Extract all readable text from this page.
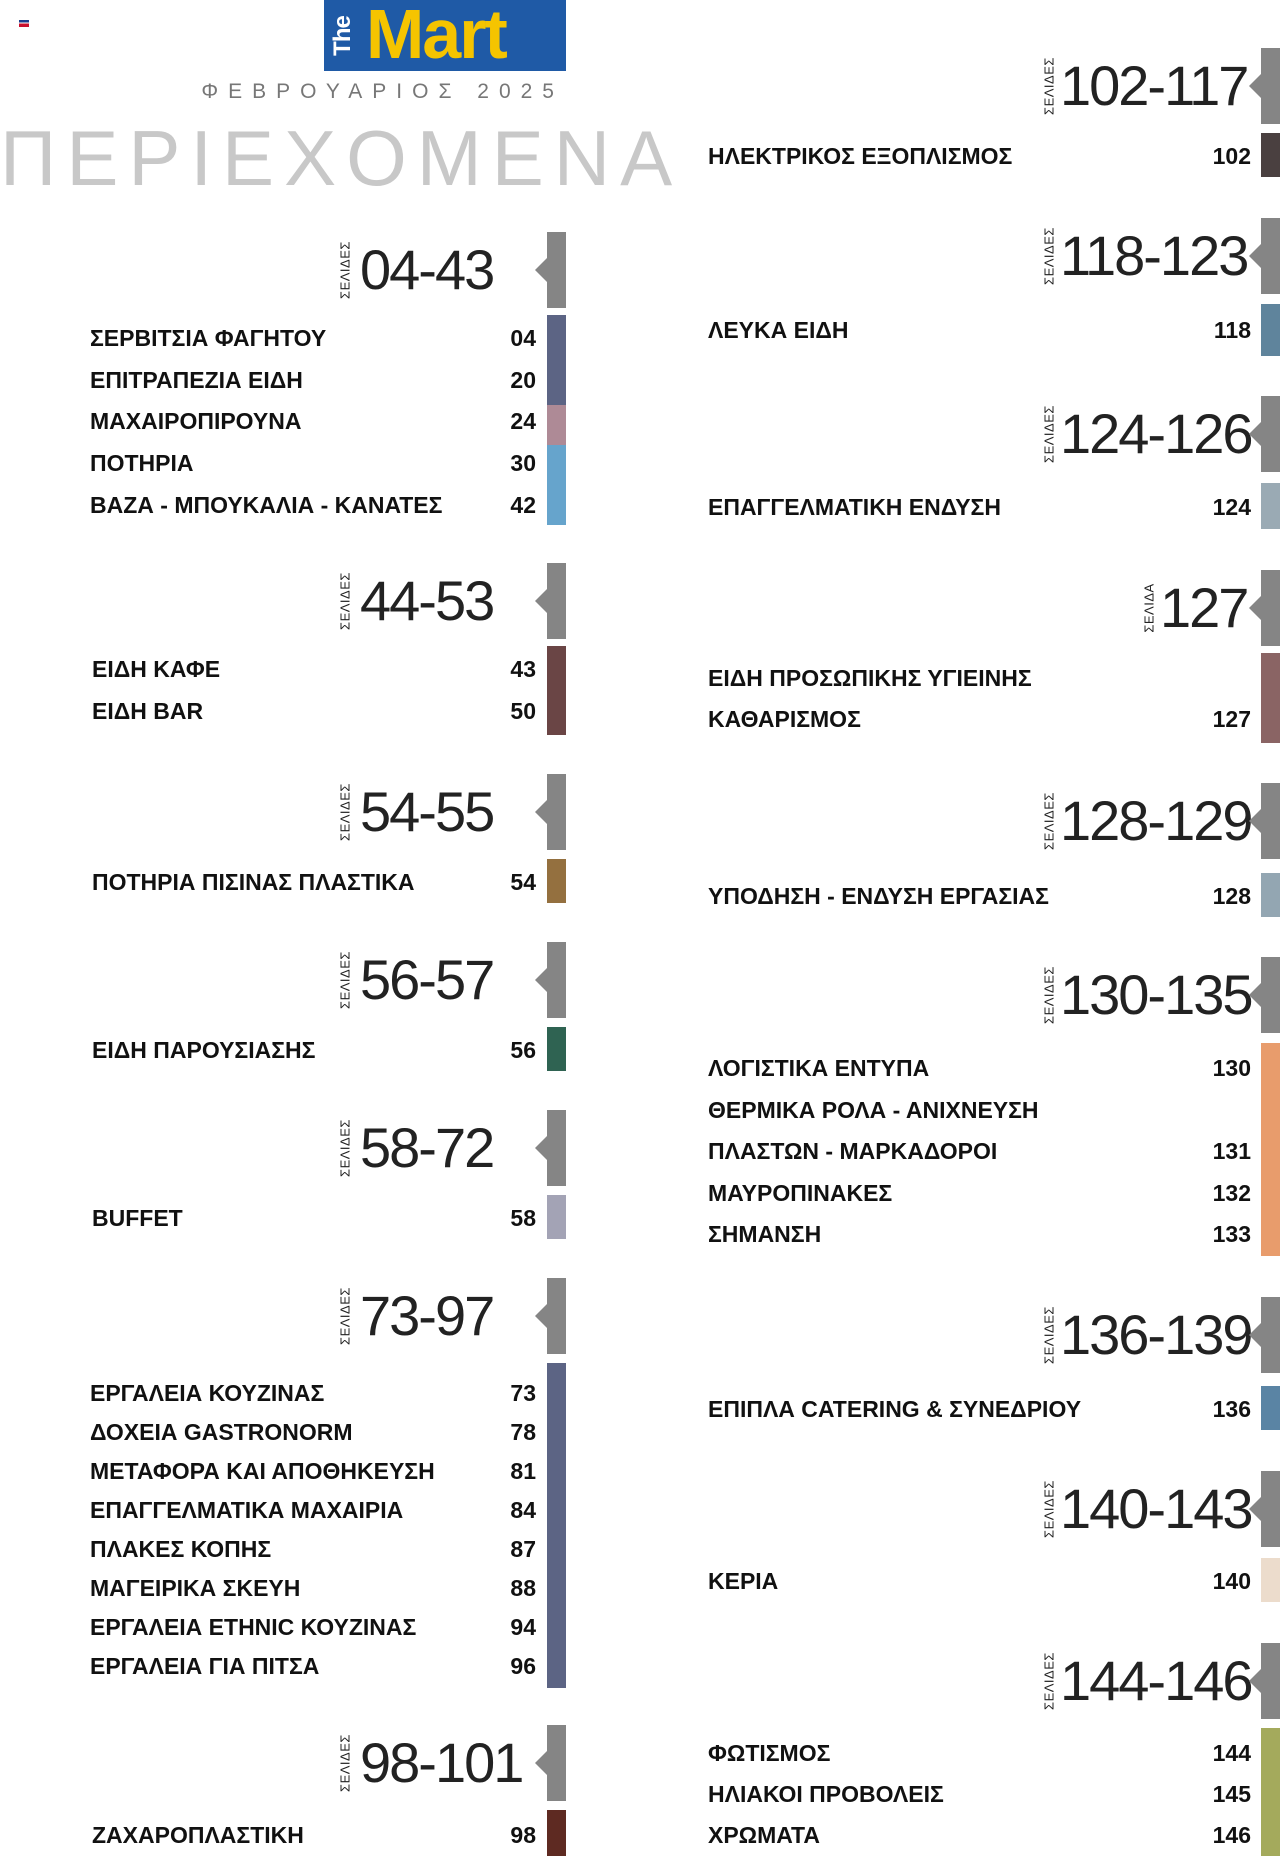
The Mart
ΦΕΒΡΟΥΑΡΙΟΣ 2025
ΠΕΡΙΕΧΟΜΕΝΑ
ΣΕΛΙΔΕΣ 04-43
ΣΕΡΒΙΤΣΙΑ ΦΑΓΗΤΟΥ	04
ΕΠΙΤΡΑΠΕΖΙΑ ΕΙΔΗ	20
ΜΑΧΑΙΡΟΠΙΡΟΥΝΑ	24
ΠΟΤΗΡΙΑ	30
ΒΑΖΑ - ΜΠΟΥΚΑΛΙΑ - ΚΑΝΑΤΕΣ	42
ΣΕΛΙΔΕΣ 44-53
ΕΙΔΗ ΚΑΦΕ	43
ΕΙΔΗ BAR	50
ΣΕΛΙΔΕΣ 54-55
ΠΟΤΗΡΙΑ ΠΙΣΙΝΑΣ ΠΛΑΣΤΙΚΑ	54
ΣΕΛΙΔΕΣ 56-57
ΕΙΔΗ ΠΑΡΟΥΣΙΑΣΗΣ	56
ΣΕΛΙΔΕΣ 58-72
BUFFET	58
ΣΕΛΙΔΕΣ 73-97
ΕΡΓΑΛΕΙΑ ΚΟΥΖΙΝΑΣ	73
ΔΟΧΕΙΑ GASTRONORM	78
ΜΕΤΑΦΟΡΑ ΚΑΙ ΑΠΟΘΗΚΕΥΣΗ	81
ΕΠΑΓΓΕΛΜΑΤΙΚΑ ΜΑΧΑΙΡΙΑ	84
ΠΛΑΚΕΣ ΚΟΠΗΣ	87
ΜΑΓΕΙΡΙΚΑ ΣΚΕΥΗ	88
ΕΡΓΑΛΕΙΑ ETHNIC ΚΟΥΖΙΝΑΣ	94
ΕΡΓΑΛΕΙΑ ΓΙΑ ΠΙΤΣΑ	96
ΣΕΛΙΔΕΣ 98-101
ΖΑΧΑΡΟΠΛΑΣΤΙΚΗ	98
ΣΕΛΙΔΕΣ 102-117
ΗΛΕΚΤΡΙΚΟΣ ΕΞΟΠΛΙΣΜΟΣ	102
ΣΕΛΙΔΕΣ 118-123
ΛΕΥΚΑ ΕΙΔΗ	118
ΣΕΛΙΔΕΣ 124-126
ΕΠΑΓΓΕΛΜΑΤΙΚΗ ΕΝΔΥΣΗ	124
ΣΕΛΙΔΑ 127
ΕΙΔΗ ΠΡΟΣΩΠΙΚΗΣ ΥΓΙΕΙΝΗΣ
ΚΑΘΑΡΙΣΜΟΣ	127
ΣΕΛΙΔΕΣ 128-129
ΥΠΟΔΗΣΗ - ΕΝΔΥΣΗ ΕΡΓΑΣΙΑΣ	128
ΣΕΛΙΔΕΣ 130-135
ΛΟΓΙΣΤΙΚΑ ΕΝΤΥΠΑ	130
ΘΕΡΜΙΚΑ ΡΟΛΑ - ΑΝΙΧΝΕΥΣΗ
ΠΛΑΣΤΩΝ - ΜΑΡΚΑΔΟΡΟΙ	131
ΜΑΥΡΟΠΙΝΑΚΕΣ	132
ΣΗΜΑΝΣΗ	133
ΣΕΛΙΔΕΣ 136-139
ΕΠΙΠΛΑ CATERING & ΣΥΝΕΔΡΙΟΥ	136
ΣΕΛΙΔΕΣ 140-143
ΚΕΡΙΑ	140
ΣΕΛΙΔΕΣ 144-146
ΦΩΤΙΣΜΟΣ	144
ΗΛΙΑΚΟΙ ΠΡΟΒΟΛΕΙΣ	145
ΧΡΩΜΑΤΑ	146
